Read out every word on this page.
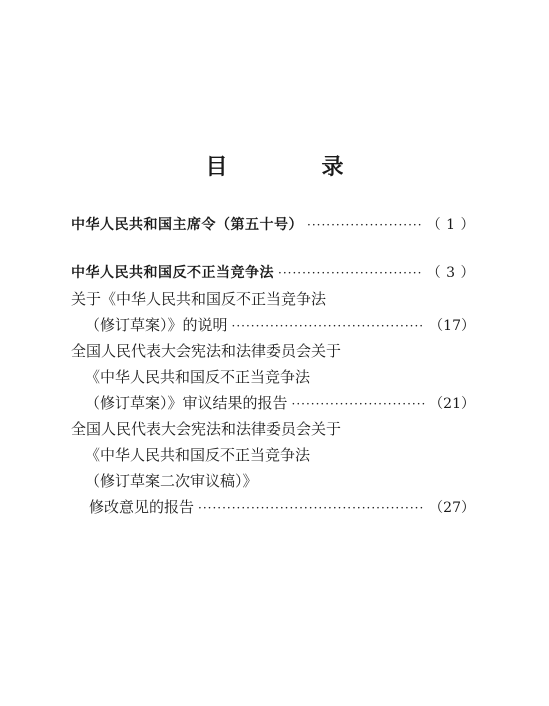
目　录
中华人民共和国主席令（第五十号） ·····	（ 1 ）
中华人民共和国反不正当竞争法 ·····	（ 3 ）
关于《中华人民共和国反不正当竞争法
（修订草案）》的说明 ·····	（17）
全国人民代表大会宪法和法律委员会关于
《中华人民共和国反不正当竞争法
（修订草案）》审议结果的报告 ·····	（21）
全国人民代表大会宪法和法律委员会关于
《中华人民共和国反不正当竞争法
（修订草案二次审议稿）》
修改意见的报告 ·····	（27）
